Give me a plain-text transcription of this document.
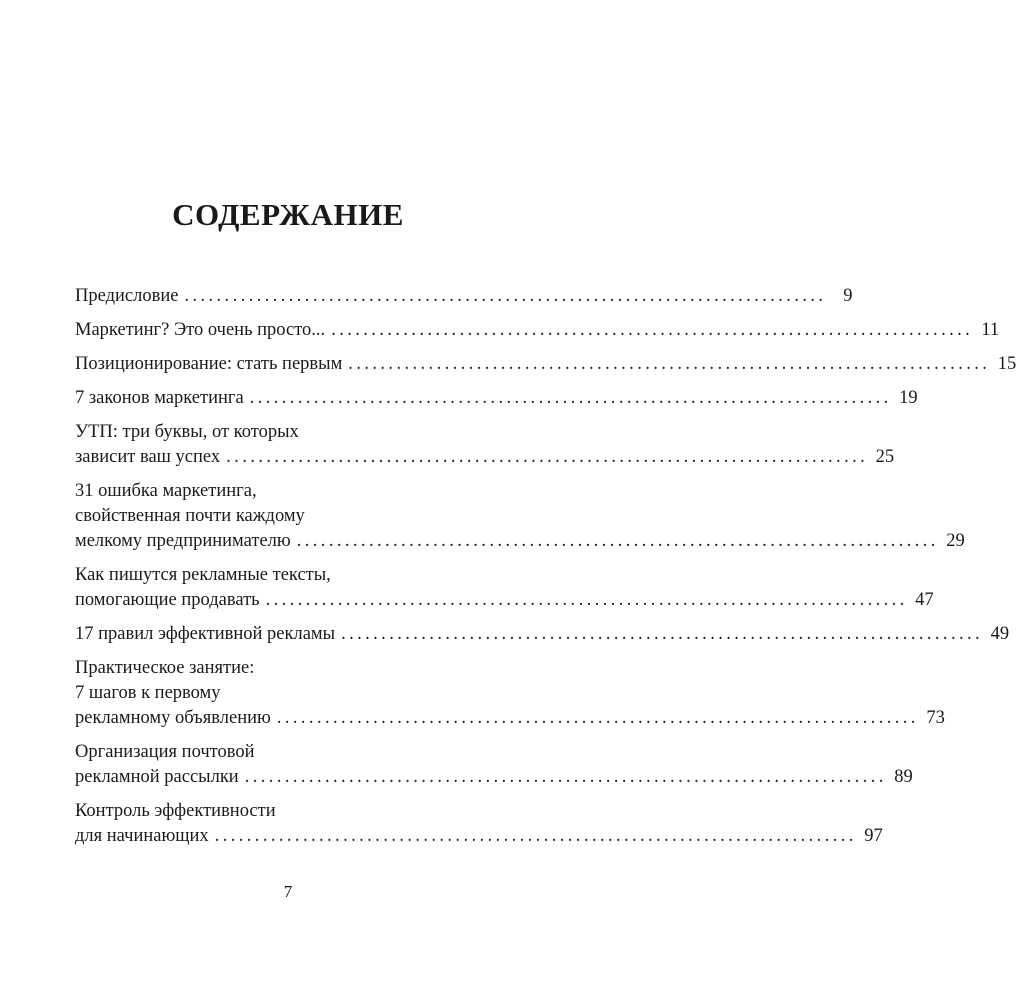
СОДЕРЖАНИЕ
Предисловие ................................................................................ 9
Маркетинг? Это очень просто... ................................................................................ 11
Позиционирование: стать первым ................................................................................ 15
7 законов маркетинга ................................................................................ 19
УТП: три буквы, от которых
зависит ваш успех ................................................................................ 25
31 ошибка маркетинга,
свойственная почти каждому
мелкому предпринимателю ................................................................................ 29
Как пишутся рекламные тексты,
помогающие продавать ................................................................................ 47
17 правил эффективной рекламы ................................................................................ 49
Практическое занятие:
7 шагов к первому
рекламному объявлению ................................................................................ 73
Организация почтовой
рекламной рассылки ................................................................................ 89
Контроль эффективности
для начинающих ................................................................................ 97
7
